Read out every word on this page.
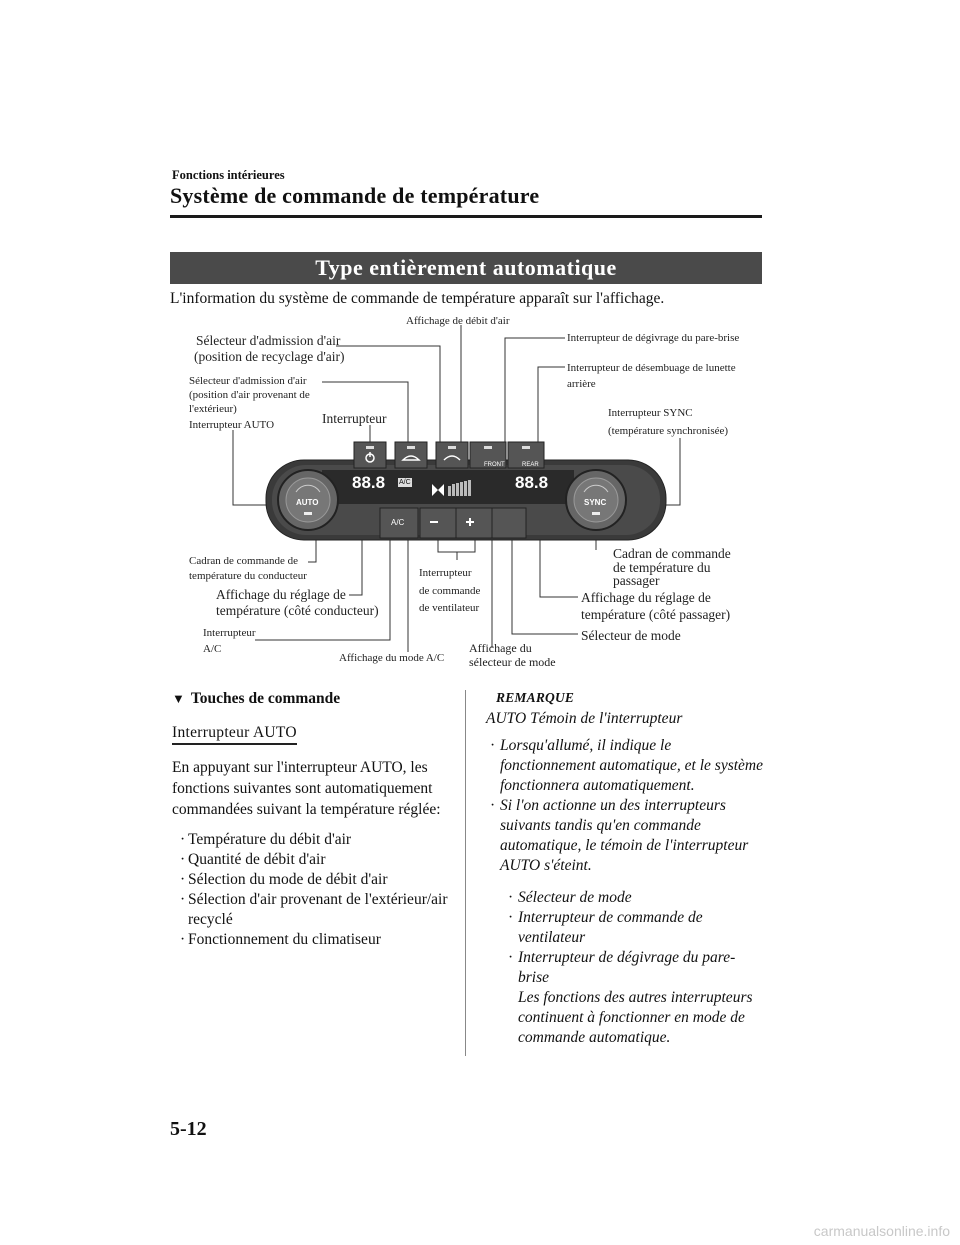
Fonctions intérieures
Système de commande de température
Type entièrement automatique
L'information du système de commande de température apparaît sur l'affichage.
AUTO	SYNC
A/C
A/C
88.8	88.8
FRONT	REAR
Sélecteur d'admission d'air
(position de recyclage d'air)
Affichage de débit d'air
Interrupteur de dégivrage du pare-brise
Interrupteur de désembuage de lunette
arrière
Sélecteur d'admission d'air
(position d'air provenant de
l'extérieur)
Interrupteur AUTO	Interrupteur	Interrupteur SYNC
(température synchronisée)
Cadran de commande de
température du conducteur
Affichage du réglage de
température (côté conducteur)
Interrupteur
A/C
Affichage du mode A/C
Interrupteur
de commande
de ventilateur
Affichage du
sélecteur de mode
Cadran de commande
de température du
passager
Affichage du réglage de
température (côté passager)
Sélecteur de mode
▼ Touches de commande
Interrupteur AUTO
En appuyant sur l'interrupteur AUTO, les fonctions suivantes sont automatiquement commandées suivant la température réglée:
· Température du débit d'air
· Quantité de débit d'air
· Sélection du mode de débit d'air
· Sélection d'air provenant de l'extérieur/air recyclé
· Fonctionnement du climatiseur
REMARQUE
AUTO Témoin de l'interrupteur
· Lorsqu'allumé, il indique le fonctionnement automatique, et le système fonctionnera automatiquement.
· Si l'on actionne un des interrupteurs suivants tandis qu'en commande automatique, le témoin de l'interrupteur AUTO s'éteint.
· Sélecteur de mode
· Interrupteur de commande de ventilateur
· Interrupteur de dégivrage du pare-brise
Les fonctions des autres interrupteurs continuent à fonctionner en mode de commande automatique.
5-12
carmanualsonline.info
